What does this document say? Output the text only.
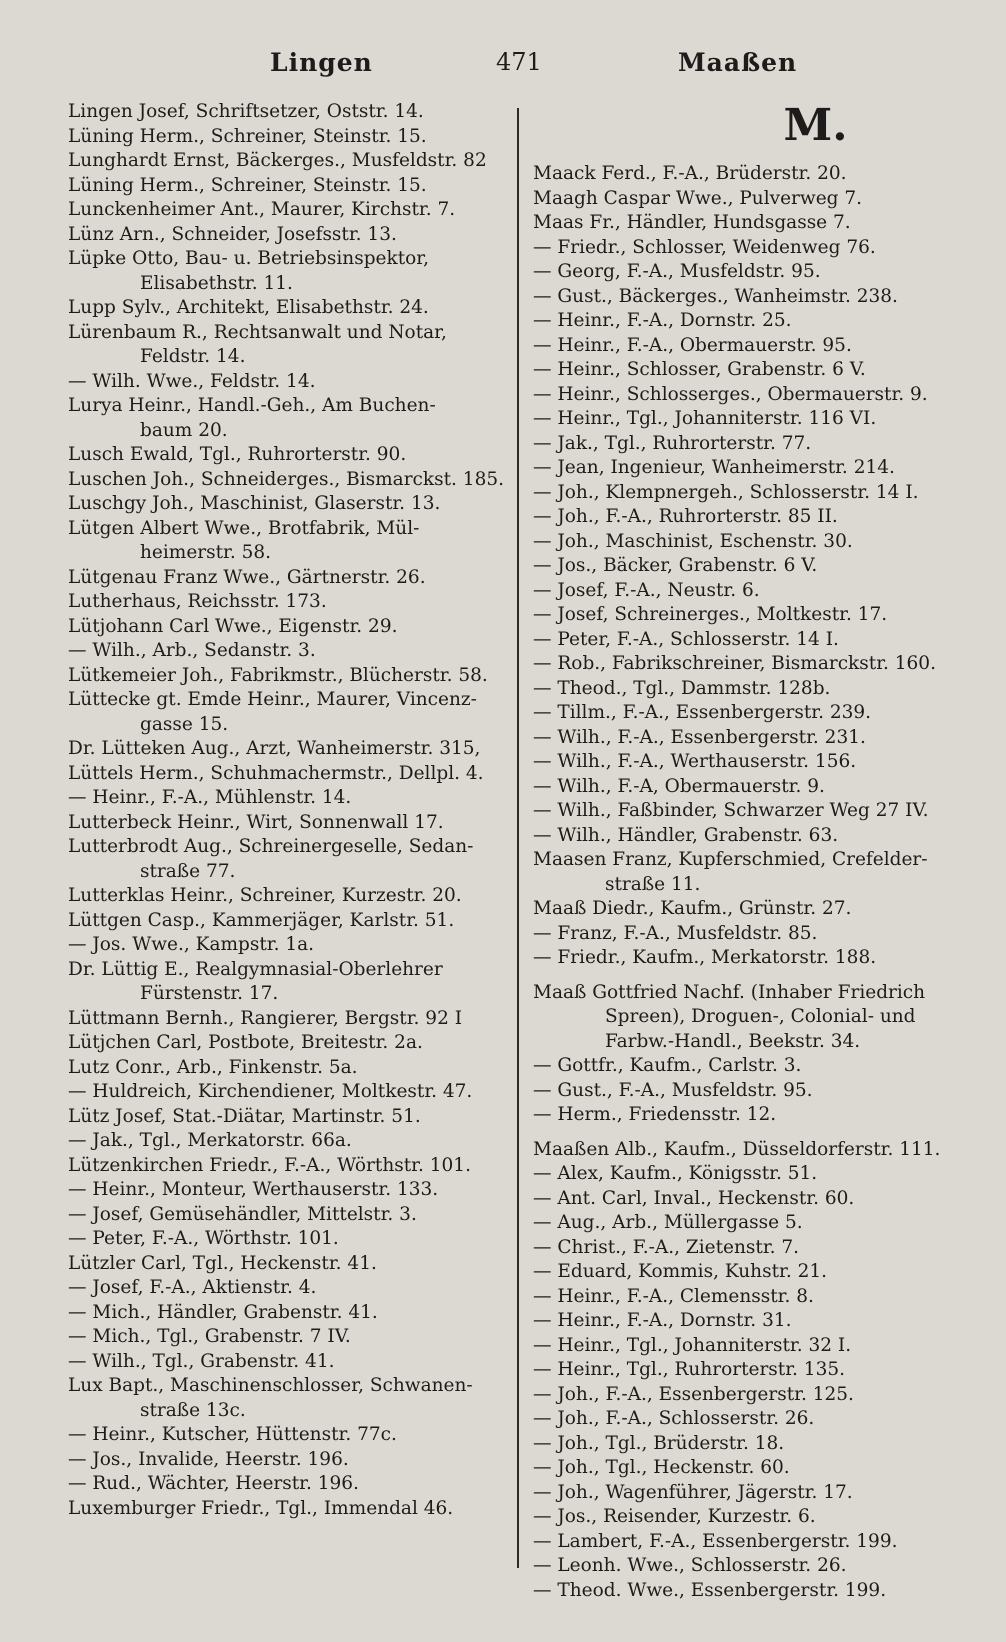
Lingen	471	Maaßen
Lingen Josef, Schriftsetzer, Oststr. 14.
Lüning Herm., Schreiner, Steinstr. 15.
Lunghardt Ernst, Bäckerges., Musfeldstr. 82
Lüning Herm., Schreiner, Steinstr. 15.
Lunckenheimer Ant., Maurer, Kirchstr. 7.
Lünz Arn., Schneider, Josefsstr. 13.
Lüpke Otto, Bau- u. Betriebsinspektor,
Elisabethstr. 11.
Lupp Sylv., Architekt, Elisabethstr. 24.
Lürenbaum R., Rechtsanwalt und Notar,
Feldstr. 14.
— Wilh. Wwe., Feldstr. 14.
Lurya Heinr., Handl.-Geh., Am Buchen-
baum 20.
Lusch Ewald, Tgl., Ruhrorterstr. 90.
Luschen Joh., Schneiderges., Bismarckst. 185.
Luschgy Joh., Maschinist, Glaserstr. 13.
Lütgen Albert Wwe., Brotfabrik, Mül-
heimerstr. 58.
Lütgenau Franz Wwe., Gärtnerstr. 26.
Lutherhaus, Reichsstr. 173.
Lütjohann Carl Wwe., Eigenstr. 29.
— Wilh., Arb., Sedanstr. 3.
Lütkemeier Joh., Fabrikmstr., Blücherstr. 58.
Lüttecke gt. Emde Heinr., Maurer, Vincenz-
gasse 15.
Dr. Lütteken Aug., Arzt, Wanheimerstr. 315,
Lüttels Herm., Schuhmachermstr., Dellpl. 4.
— Heinr., F.-A., Mühlenstr. 14.
Lutterbeck Heinr., Wirt, Sonnenwall 17.
Lutterbrodt Aug., Schreinergeselle, Sedan-
straße 77.
Lutterklas Heinr., Schreiner, Kurzestr. 20.
Lüttgen Casp., Kammerjäger, Karlstr. 51.
— Jos. Wwe., Kampstr. 1a.
Dr. Lüttig E., Realgymnasial-Oberlehrer
Fürstenstr. 17.
Lüttmann Bernh., Rangierer, Bergstr. 92 I
Lütjchen Carl, Postbote, Breitestr. 2a.
Lutz Conr., Arb., Finkenstr. 5a.
— Huldreich, Kirchendiener, Moltkestr. 47.
Lütz Josef, Stat.-Diätar, Martinstr. 51.
— Jak., Tgl., Merkatorstr. 66a.
Lützenkirchen Friedr., F.-A., Wörthstr. 101.
— Heinr., Monteur, Werthauserstr. 133.
— Josef, Gemüsehändler, Mittelstr. 3.
— Peter, F.-A., Wörthstr. 101.
Lützler Carl, Tgl., Heckenstr. 41.
— Josef, F.-A., Aktienstr. 4.
— Mich., Händler, Grabenstr. 41.
— Mich., Tgl., Grabenstr. 7 IV.
— Wilh., Tgl., Grabenstr. 41.
Lux Bapt., Maschinenschlosser, Schwanen-
straße 13c.
— Heinr., Kutscher, Hüttenstr. 77c.
— Jos., Invalide, Heerstr. 196.
— Rud., Wächter, Heerstr. 196.
Luxemburger Friedr., Tgl., Immendal 46.
M.
Maack Ferd., F.-A., Brüderstr. 20.
Maagh Caspar Wwe., Pulverweg 7.
Maas Fr., Händler, Hundsgasse 7.
— Friedr., Schlosser, Weidenweg 76.
— Georg, F.-A., Musfeldstr. 95.
— Gust., Bäckerges., Wanheimstr. 238.
— Heinr., F.-A., Dornstr. 25.
— Heinr., F.-A., Obermauerstr. 95.
— Heinr., Schlosser, Grabenstr. 6 V.
— Heinr., Schlosserges., Obermauerstr. 9.
— Heinr., Tgl., Johanniterstr. 116 VI.
— Jak., Tgl., Ruhrorterstr. 77.
— Jean, Ingenieur, Wanheimerstr. 214.
— Joh., Klempnergeh., Schlosserstr. 14 I.
— Joh., F.-A., Ruhrorterstr. 85 II.
— Joh., Maschinist, Eschenstr. 30.
— Jos., Bäcker, Grabenstr. 6 V.
— Josef, F.-A., Neustr. 6.
— Josef, Schreinerges., Moltkestr. 17.
— Peter, F.-A., Schlosserstr. 14 I.
— Rob., Fabrikschreiner, Bismarckstr. 160.
— Theod., Tgl., Dammstr. 128b.
— Tillm., F.-A., Essenbergerstr. 239.
— Wilh., F.-A., Essenbergerstr. 231.
— Wilh., F.-A., Werthauserstr. 156.
— Wilh., F.-A, Obermauerstr. 9.
— Wilh., Faßbinder, Schwarzer Weg 27 IV.
— Wilh., Händler, Grabenstr. 63.
Maasen Franz, Kupferschmied, Crefelder-
straße 11.
Maaß Diedr., Kaufm., Grünstr. 27.
— Franz, F.-A., Musfeldstr. 85.
— Friedr., Kaufm., Merkatorstr. 188.
Maaß Gottfried Nachf. (Inhaber Friedrich
Spreen), Droguen-, Colonial- und
Farbw.-Handl., Beekstr. 34.
— Gottfr., Kaufm., Carlstr. 3.
— Gust., F.-A., Musfeldstr. 95.
— Herm., Friedensstr. 12.
Maaßen Alb., Kaufm., Düsseldorferstr. 111.
— Alex, Kaufm., Königsstr. 51.
— Ant. Carl, Inval., Heckenstr. 60.
— Aug., Arb., Müllergasse 5.
— Christ., F.-A., Zietenstr. 7.
— Eduard, Kommis, Kuhstr. 21.
— Heinr., F.-A., Clemensstr. 8.
— Heinr., F.-A., Dornstr. 31.
— Heinr., Tgl., Johanniterstr. 32 I.
— Heinr., Tgl., Ruhrorterstr. 135.
— Joh., F.-A., Essenbergerstr. 125.
— Joh., F.-A., Schlosserstr. 26.
— Joh., Tgl., Brüderstr. 18.
— Joh., Tgl., Heckenstr. 60.
— Joh., Wagenführer, Jägerstr. 17.
— Jos., Reisender, Kurzestr. 6.
— Lambert, F.-A., Essenbergerstr. 199.
— Leonh. Wwe., Schlosserstr. 26.
— Theod. Wwe., Essenbergerstr. 199.
